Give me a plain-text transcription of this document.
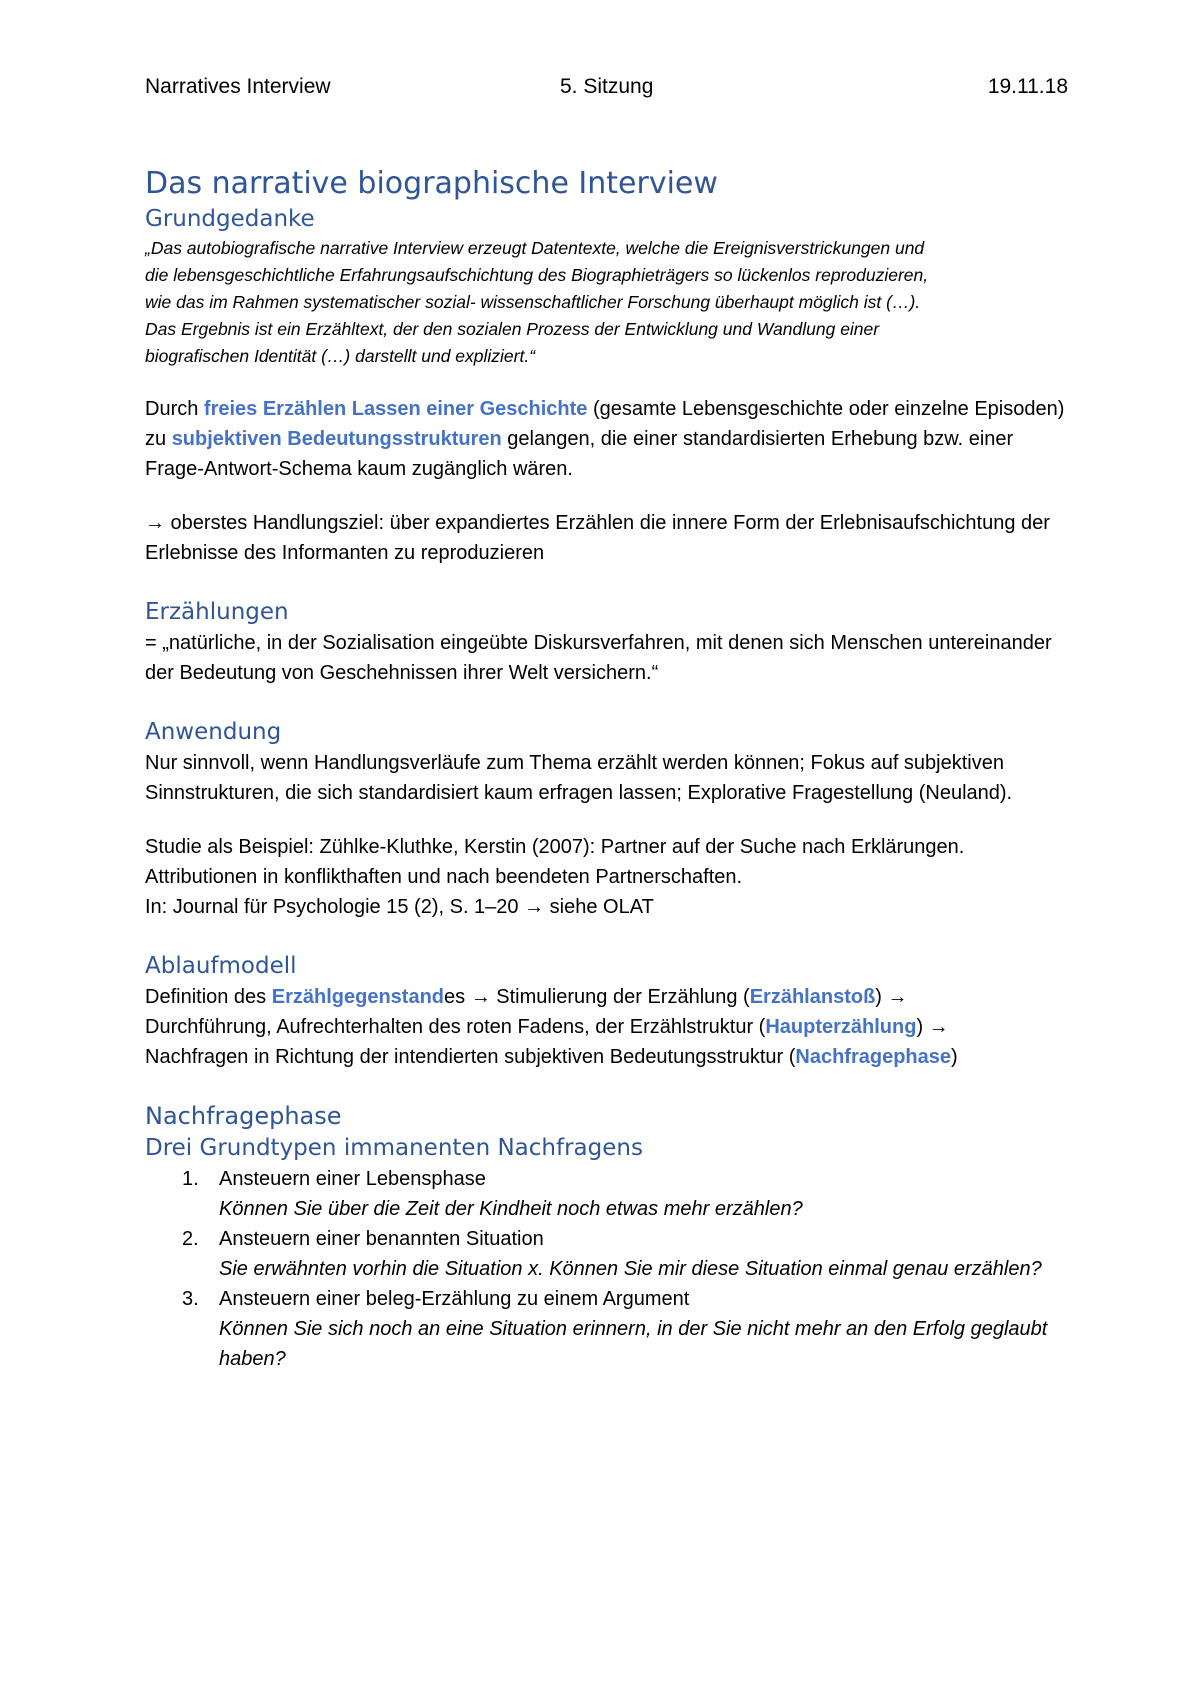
Narratives Interview	5. Sitzung	19.11.18
Das narrative biographische Interview
Grundgedanke

„Das autobiografische narrative Interview erzeugt Datentexte, welche die Ereignisverstrickungen und
die lebensgeschichtliche Erfahrungsaufschichtung des Biographieträgers so lückenlos reproduzieren,
wie das im Rahmen systematischer sozial- wissenschaftlicher Forschung überhaupt möglich ist (…).
Das Ergebnis ist ein Erzähltext, der den sozialen Prozess der Entwicklung und Wandlung einer
biografischen Identität (…) darstellt und expliziert.“

Durch freies Erzählen Lassen einer Geschichte (gesamte Lebensgeschichte oder einzelne Episoden) zu subjektiven Bedeutungsstrukturen gelangen, die einer standardisierten Erhebung bzw. einer Frage-Antwort-Schema kaum zugänglich wären.

→ oberstes Handlungsziel: über expandiertes Erzählen die innere Form der Erlebnisaufschichtung der Erlebnisse des Informanten zu reproduzieren

Erzählungen

= „natürliche, in der Sozialisation eingeübte Diskursverfahren, mit denen sich Menschen untereinander der Bedeutung von Geschehnissen ihrer Welt versichern.“

Anwendung

Nur sinnvoll, wenn Handlungsverläufe zum Thema erzählt werden können; Fokus auf subjektiven Sinnstrukturen, die sich standardisiert kaum erfragen lassen; Explorative Fragestellung (Neuland).

Studie als Beispiel: Zühlke-Kluthke, Kerstin (2007): Partner auf der Suche nach Erklärungen.
Attributionen in konflikthaften und nach beendeten Partnerschaften.
In: Journal für Psychologie 15 (2), S. 1–20 → siehe OLAT

Ablaufmodell

Definition des Erzählgegenstandes → Stimulierung der Erzählung (Erzählanstoß) →
Durchführung, Aufrechterhalten des roten Fadens, der Erzählstruktur (Haupterzählung) →
Nachfragen in Richtung der intendierten subjektiven Bedeutungsstruktur (Nachfragephase)

Nachfragephase
Drei Grundtypen immanenten Nachfragens
1. Ansteuern einer Lebensphase
Können Sie über die Zeit der Kindheit noch etwas mehr erzählen?
2. Ansteuern einer benannten Situation
Sie erwähnten vorhin die Situation x. Können Sie mir diese Situation einmal genau erzählen?
3. Ansteuern einer beleg-Erzählung zu einem Argument
Können Sie sich noch an eine Situation erinnern, in der Sie nicht mehr an den Erfolg geglaubt haben?
